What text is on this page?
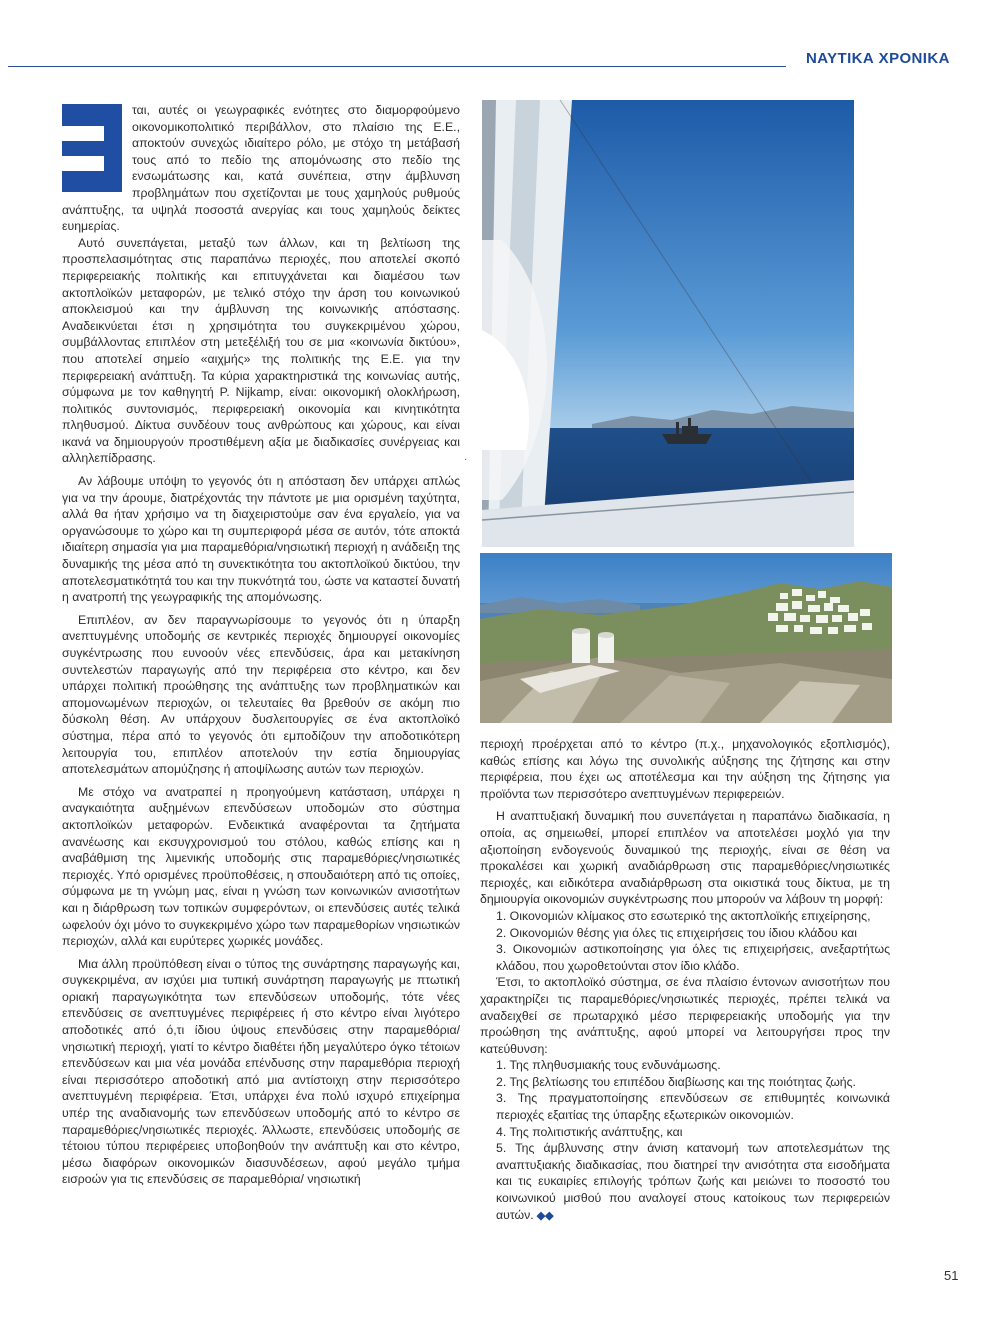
ΝΑΥΤΙΚΑ ΧΡΟΝΙΚΑ

ται, αυτές οι γεωγραφικές ενότητες στο διαμορφούμενο οικονομικοπολιτικό περιβάλλον, στο πλαίσιο της Ε.Ε., αποκτούν συνεχώς ιδιαίτερο ρόλο, με στόχο τη μετάβασή τους από το πεδίο της απομόνωσης στο πεδίο της ενσωμάτωσης και, κατά συνέπεια, στην άμβλυνση προβλημάτων που σχετίζονται με τους χαμηλούς ρυθμούς ανάπτυξης, τα υψηλά ποσοστά ανεργίας και τους χαμηλούς δείκτες ευημερίας.

Αυτό συνεπάγεται, μεταξύ των άλλων, και τη βελτίωση της προσπελασιμότητας στις παραπάνω περιοχές, που αποτελεί σκοπό περιφερειακής πολιτικής και επιτυγχάνεται και διαμέσου των ακτοπλοϊκών μεταφορών, με τελικό στόχο την άρση του κοινωνικού αποκλεισμού και την άμβλυνση της κοινωνικής απόστασης. Αναδεικνύεται έτσι η χρησιμότητα του συγκεκριμένου χώρου, συμβάλλοντας επιπλέον στη μετεξέλιξή του σε μια «κοινωνία δικτύου», που αποτελεί σημείο «αιχμής» της πολιτικής της Ε.Ε. για την περιφερειακή ανάπτυξη. Τα κύρια χαρακτηριστικά της κοινωνίας αυτής, σύμφωνα με τον καθηγητή P. Nijkamp, είναι: οικονομική ολοκλήρωση, πολιτικός συντονισμός, περιφερειακή οικονομία και κινητικότητα πληθυσμού. Δίκτυα συνδέουν τους ανθρώπους και χώρους, και είναι ικανά να δημιουργούν προστιθέμενη αξία με διαδικασίες συνέργειας και αλληλεπίδρασης.

Αν λάβουμε υπόψη το γεγονός ότι η απόσταση δεν υπάρχει απλώς για να την άρουμε, διατρέχοντάς την πάντοτε με μια ορισμένη ταχύτητα, αλλά θα ήταν χρήσιμο να τη διαχειριστούμε σαν ένα εργαλείο, για να οργανώσουμε το χώρο και τη συμπεριφορά μέσα σε αυτόν, τότε αποκτά ιδιαίτερη σημασία για μια παραμεθόρια/νησιωτική περιοχή η ανάδειξη της δυναμικής της μέσα από τη συνεκτικότητα του ακτοπλοϊκού δικτύου, την αποτελεσματικότητά του και την πυκνότητά του, ώστε να καταστεί δυνατή η ανατροπή της γεωγραφικής της απομόνωσης.

Επιπλέον, αν δεν παραγνωρίσουμε το γεγονός ότι η ύπαρξη ανεπτυγμένης υποδομής σε κεντρικές περιοχές δημιουργεί οικονομίες συγκέντρωσης που ευνοούν νέες επενδύσεις, άρα και μετακίνηση συντελεστών παραγωγής από την περιφέρεια στο κέντρο, και δεν υπάρχει πολιτική προώθησης της ανάπτυξης των προβληματικών και απομονωμένων περιοχών, οι τελευταίες θα βρεθούν σε ακόμη πιο δύσκολη θέση. Αν υπάρχουν δυσλειτουργίες σε ένα ακτοπλοϊκό σύστημα, πέρα από το γεγονός ότι εμποδίζουν την αποδοτικότερη λειτουργία του, επιπλέον αποτελούν την εστία δημιουργίας αποτελεσμάτων απομύζησης ή αποψίλωσης αυτών των περιοχών.

Με στόχο να ανατραπεί η προηγούμενη κατάσταση, υπάρχει η αναγκαιότητα αυξημένων επενδύσεων υποδομών στο σύστημα ακτοπλοϊκών μεταφορών. Ενδεικτικά αναφέρονται τα ζητήματα ανανέωσης και εκσυγχρονισμού του στόλου, καθώς επίσης και η αναβάθμιση της λιμενικής υποδομής στις παραμεθόριες/νησιωτικές περιοχές. Υπό ορισμένες προϋποθέσεις, η σπουδαιότερη από τις οποίες, σύμφωνα με τη γνώμη μας, είναι η γνώση των κοινωνικών ανισοτήτων και η διάρθρωση των τοπικών συμφερόντων, οι επενδύσεις αυτές τελικά ωφελούν όχι μόνο το συγκεκριμένο χώρο των παραμεθορίων νησιωτικών περιοχών, αλλά και ευρύτερες χωρικές μονάδες.

Μια άλλη προϋπόθεση είναι ο τύπος της συνάρτησης παραγωγής και, συγκεκριμένα, αν ισχύει μια τυπική συνάρτηση παραγωγής με πτωτική οριακή παραγωγικότητα των επενδύσεων υποδομής, τότε νέες επενδύσεις σε ανεπτυγμένες περιφέρειες ή στο κέντρο είναι λιγότερο αποδοτικές από ό,τι ίδιου ύψους επενδύσεις στην παραμεθόρια/νησιωτική περιοχή, γιατί το κέντρο διαθέτει ήδη μεγαλύτερο όγκο τέτοιων επενδύσεων και μια νέα μονάδα επένδυσης στην παραμεθόρια περιοχή είναι περισσότερο αποδοτική από μια αντίστοιχη στην περισσότερο ανεπτυγμένη περιφέρεια. Έτσι, υπάρχει ένα πολύ ισχυρό επιχείρημα υπέρ της αναδιανομής των επενδύσεων υποδομής από το κέντρο σε παραμεθόριες/νησιωτικές περιοχές. Άλλωστε, επενδύσεις υποδομής σε τέτοιου τύπου περιφέρειες υποβοηθούν την ανάπτυξη και στο κέντρο, μέσω διαφόρων οικονομικών διασυνδέσεων, αφού μεγάλο τμήμα εισροών για τις επενδύσεις σε παραμεθόρια/ νησιωτική

·

περιοχή προέρχεται από το κέντρο (π.χ., μηχανολογικός εξοπλισμός), καθώς επίσης και λόγω της συνολικής αύξησης της ζήτησης και στην περιφέρεια, που έχει ως αποτέλεσμα και την αύξηση της ζήτησης για προϊόντα των περισσότερο ανεπτυγμένων περιφερειών.

Η αναπτυξιακή δυναμική που συνεπάγεται η παραπάνω διαδικασία, η οποία, ας σημειωθεί, μπορεί επιπλέον να αποτελέσει μοχλό για την αξιοποίηση ενδογενούς δυναμικού της περιοχής, είναι σε θέση να προκαλέσει και χωρική αναδιάρθρωση στις παραμεθόριες/νησιωτικές περιοχές, και ειδικότερα αναδιάρθρωση στα οικιστικά τους δίκτυα, με τη δημιουργία οικονομιών συγκέντρωσης που μπορούν να λάβουν τη μορφή:

1. Οικονομιών κλίμακος στο εσωτερικό της ακτοπλοϊκής επιχείρησης,

2. Οικονομιών θέσης για όλες τις επιχειρήσεις του ίδιου κλάδου και

3. Οικονομιών αστικοποίησης για όλες τις επιχειρήσεις, ανεξαρτήτως κλάδου, που χωροθετούνται στον ίδιο κλάδο.

Έτσι, το ακτοπλοϊκό σύστημα, σε ένα πλαίσιο έντονων ανισοτήτων που χαρακτηρίζει τις παραμεθόριες/νησιωτικές περιοχές, πρέπει τελικά να αναδειχθεί σε πρωταρχικό μέσο περιφερειακής υποδομής για την προώθηση της ανάπτυξης, αφού μπορεί να λειτουργήσει προς την κατεύθυνση:

1. Της πληθυσμιακής τους ενδυνάμωσης.

2. Της βελτίωσης του επιπέδου διαβίωσης και της ποιότητας ζωής.

3. Της πραγματοποίησης επενδύσεων σε επιθυμητές κοινωνικά περιοχές εξαιτίας της ύπαρξης εξωτερικών οικονομιών.

4. Της πολιτιστικής ανάπτυξης, και

5. Της άμβλυνσης στην άνιση κατανομή των αποτελεσμάτων της αναπτυξιακής διαδικασίας, που διατηρεί την ανισότητα στα εισοδήματα και τις ευκαιρίες επιλογής τρόπων ζωής και μειώνει το ποσοστό του κοινωνικού μισθού που αναλογεί στους κατοίκους των περιφερειών αυτών. ◆◆

51
